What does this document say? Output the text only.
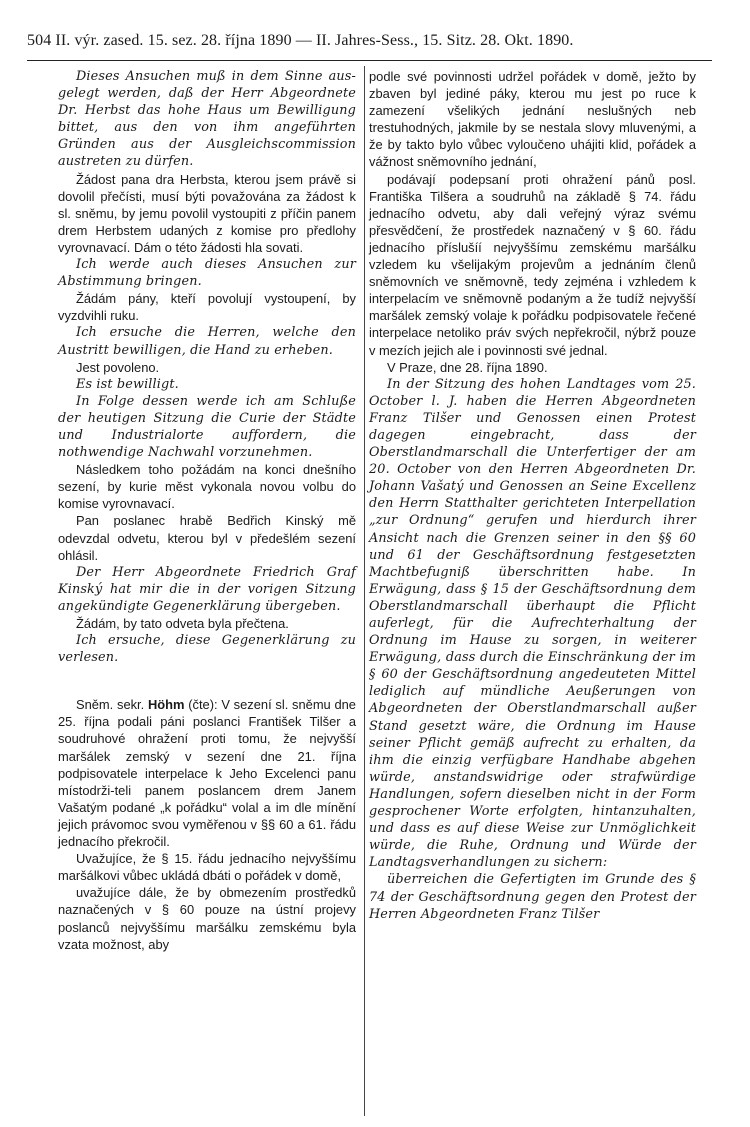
504 II. výr. zased. 15. sez. 28. října 1890 — II. Jahres-Sess., 15. Sitz. 28. Okt. 1890.

Dieses Ansuchen muß in dem Sinne aus-gelegt werden, daß der Herr Abgeordnete Dr. Herbst das hohe Haus um Bewilligung bittet, aus den von ihm angeführten Gründen aus der Ausgleichscommission austreten zu dürfen.

Žádost pana dra Herbsta, kterou jsem právě si dovolil přečísti, musí býti považována za žádost k sl. sněmu, by jemu povolil vystoupiti z příčin panem drem Herbstem udaných z komise pro předlohy vyrovnavací. Dám o této žádosti hla sovati.

Ich werde auch dieses Ansuchen zur Abstimmung bringen.

Žádám pány, kteří povolují vystoupení, by vyzdvihli ruku.

Ich ersuche die Herren, welche den Austritt bewilligen, die Hand zu erheben.

Jest povoleno.

Es ist bewilligt.

In Folge dessen werde ich am Schluße der heutigen Sitzung die Curie der Städte und Industrialorte auffordern, die nothwendige Nachwahl vorzunehmen.

Následkem toho požádám na konci dnešního sezení, by kurie měst vykonala novou volbu do komise vyrovnavací.

Pan poslanec hrabě Bedřich Kinský mě odevzdal odvetu, kterou byl v předešlém sezení ohlásil.

Der Herr Abgeordnete Friedrich Graf Kinský hat mir die in der vorigen Sitzung angekündigte Gegenerklärung übergeben.

Žádám, by tato odveta byla přečtena.

Ich ersuche, diese Gegenerklärung zu verlesen.

Sněm. sekr. Höhm (čte): V sezení sl. sněmu dne 25. října podali páni poslanci František Tilšer a soudruhové ohražení proti tomu, že nejvyšší maršálek zemský v sezení dne 21. října podpisovatele interpelace k Jeho Excelenci panu místodrži-teli panem poslancem drem Janem Vašatým podané „k pořádku“ volal a im dle mínění jejich právomoc svou vyměřenou v §§ 60 a 61. řádu jednacího překročil.

Uvažujíce, že § 15. řádu jednacího nejvyššímu maršálkovi vůbec ukládá dbáti o pořádek v domě,

uvažujíce dále, že by obmezením prostředků naznačených v § 60 pouze na ústní projevy poslanců nejvyššímu maršálku zemskému byla vzata možnost, aby

podle své povinnosti udržel pořádek v domě, ježto by zbaven byl jediné páky, kterou mu jest po ruce k zamezení všelikých jednání neslušných neb trestuhodných, jakmile by se nestala slovy mluvenými, a že by takto bylo vůbec vyloučeno uhájiti klid, pořádek a vážnost sněmovního jednání,

podávají podepsaní proti ohražení pánů posl. Františka Tilšera a soudruhů na základě § 74. řádu jednacího odvetu, aby dali veřejný výraz svému přesvědčení, že prostředek naznačený v § 60. řádu jednacího příslušíí nejvyššímu zemskému maršálku vzledem ku všelijakým projevům a jednáním členů sněmovních ve sněmovně, tedy zejména i vzhledem k interpelacím ve sněmovně podaným a že tudíž nejvyšší maršálek zemský volaje k pořádku podpisovatele řečené interpelace netoliko práv svých nepřekročil, nýbrž pouze v mezích jejich ale i povinnosti své jednal.

V Praze, dne 28. října 1890.

In der Sitzung des hohen Landtages vom 25. October l. J. haben die Herren Abgeordneten Franz Tilšer und Genossen einen Protest dagegen eingebracht, dass der Oberstlandmarschall die Unterfertiger der am 20. October von den Herren Abgeordneten Dr. Johann Vašatý und Genossen an Seine Excellenz den Herrn Statthalter gerichteten Interpellation „zur Ordnung“ gerufen und hierdurch ihrer Ansicht nach die Grenzen seiner in den §§ 60 und 61 der Geschäftsordnung festgesetzten Machtbefugniß überschritten habe. In Erwägung, dass § 15 der Geschäftsordnung dem Oberstlandmarschall überhaupt die Pflicht auferlegt, für die Aufrechterhaltung der Ordnung im Hause zu sorgen, in weiterer Erwägung, dass durch die Einschränkung der im § 60 der Geschäftsordnung angedeuteten Mittel lediglich auf mündliche Aeußerungen von Abgeordneten der Oberstlandmarschall außer Stand gesetzt wäre, die Ordnung im Hause seiner Pflicht gemäß aufrecht zu erhalten, da ihm die einzig verfügbare Handhabe abgehen würde, anstandswidrige oder strafwürdige Handlungen, sofern dieselben nicht in der Form gesprochener Worte erfolgten, hintanzuhalten, und dass es auf diese Weise zur Unmöglichkeit würde, die Ruhe, Ordnung und Würde der Landtagsverhandlungen zu sichern:

überreichen die Gefertigten im Grunde des § 74 der Geschäftsordnung gegen den Protest der Herren Abgeordneten Franz Tilšer
